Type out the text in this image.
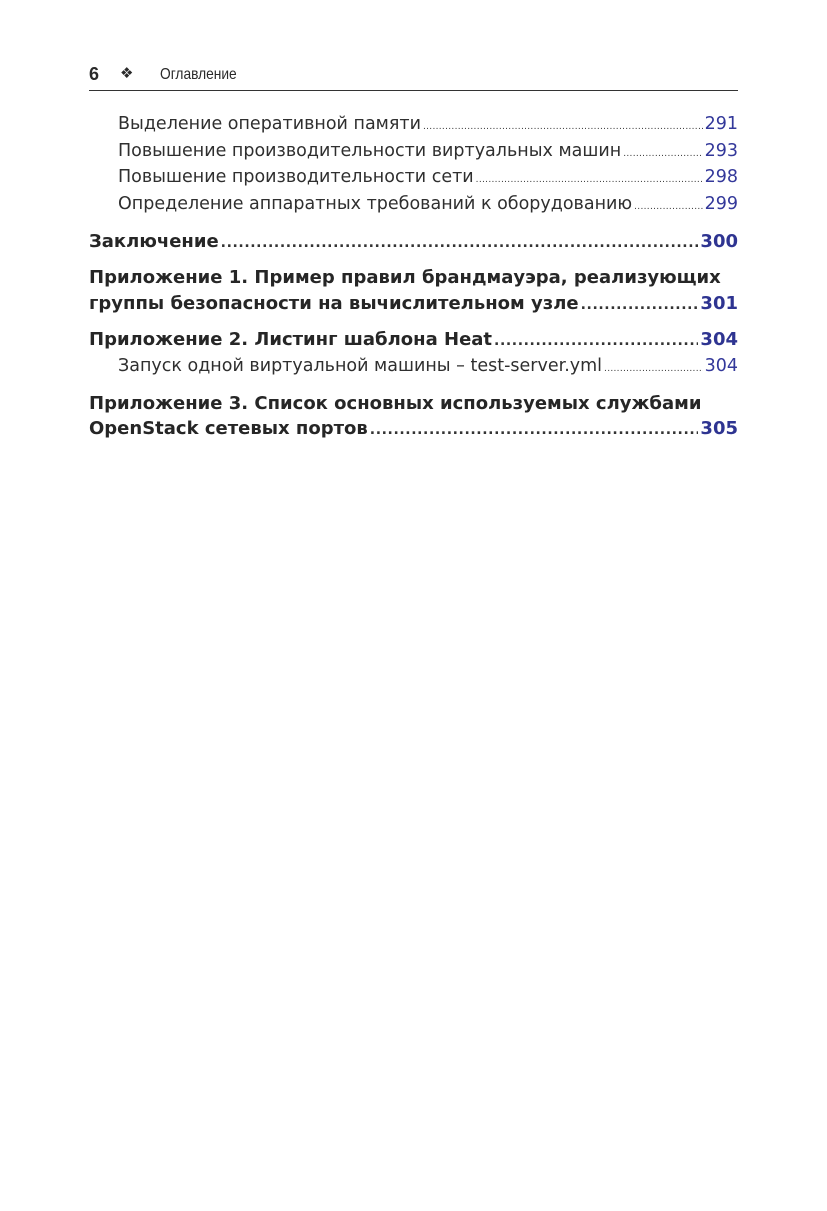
6 ❖ Оглавление
Выделение оперативной памяти .....	291
Повышение производительности виртуальных машин .....	293
Повышение производительности сети .....	298
Определение аппаратных требований к оборудованию .....	299
Заключение .....	300
Приложение 1. Пример правил брандмауэра, реализующих
группы безопасности на вычислительном узле .....	301
Приложение 2. Листинг шаблона Heat .....	304
Запуск одной виртуальной машины – test-server.yml .....	304
Приложение 3. Список основных используемых службами
OpenStack сетевых портов .....	305
